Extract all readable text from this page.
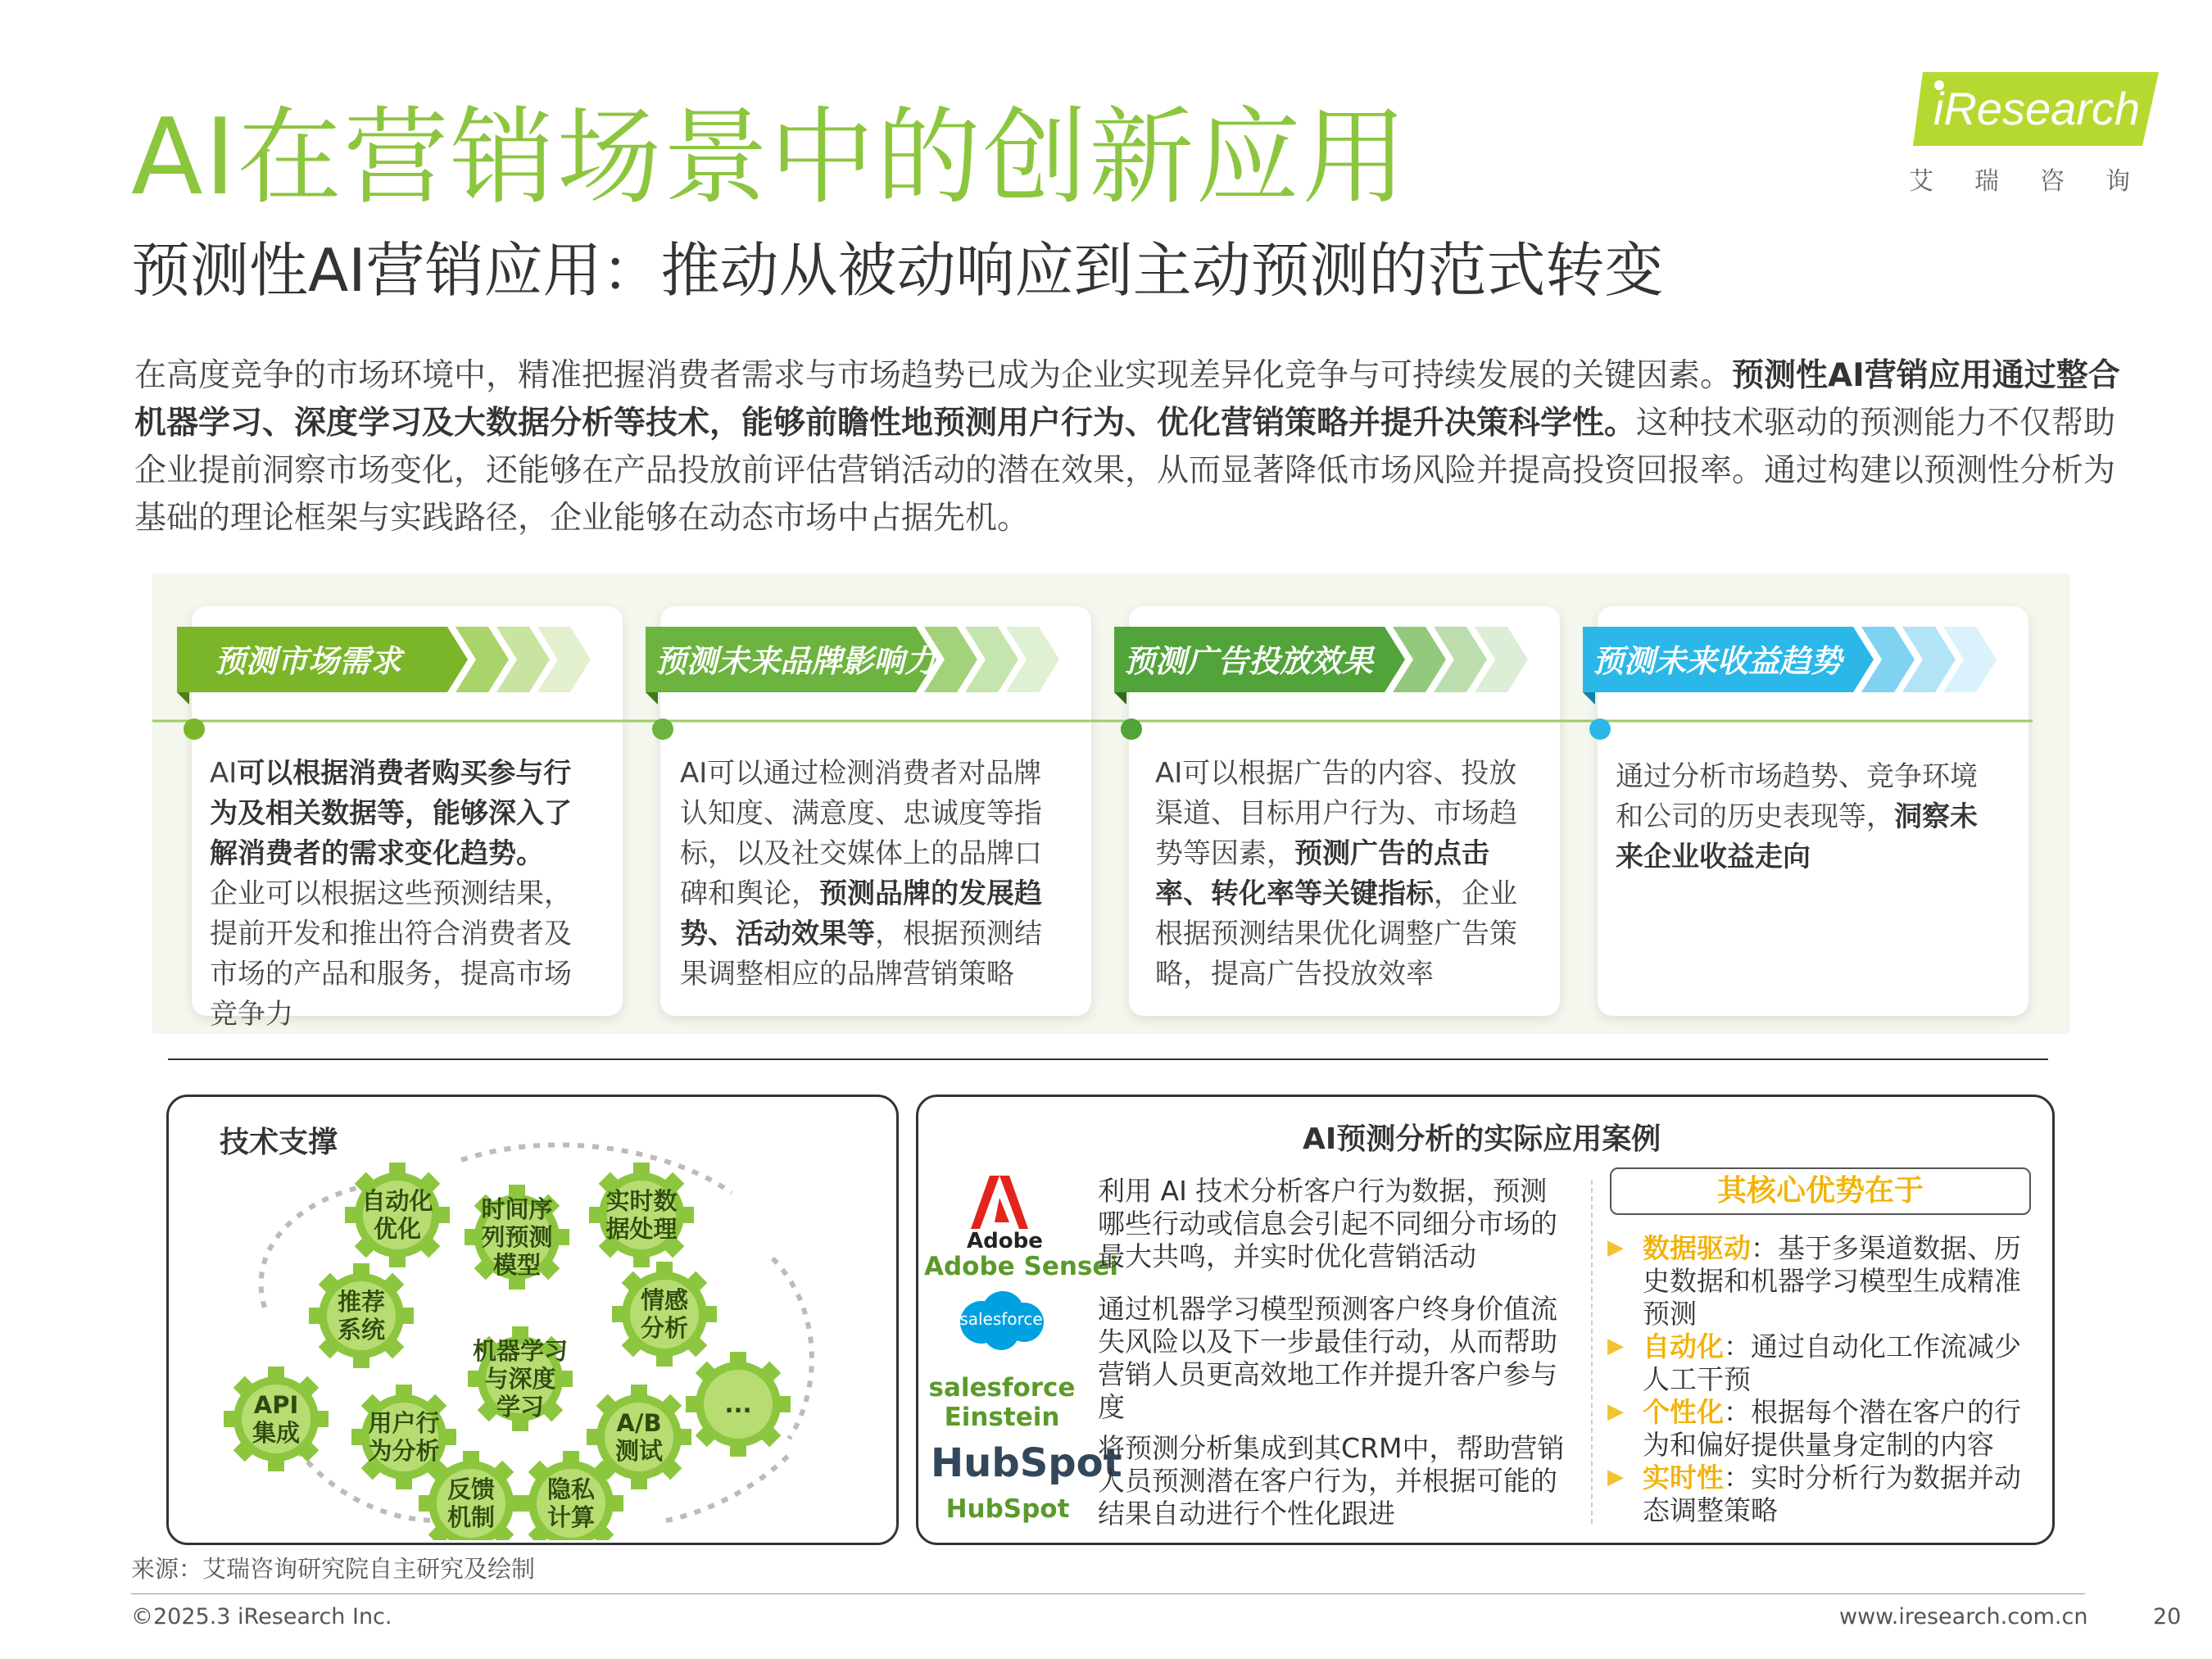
AI在营销场景中的创新应用
预测性AI营销应用：推动从被动响应到主动预测的范式转变
iResearch
艾瑞咨询
在高度竞争的市场环境中，精准把握消费者需求与市场趋势已成为企业实现差异化竞争与可持续发展的关键因素。预测性AI营销应用通过整合机器学习、深度学习及大数据分析等技术，能够前瞻性地预测用户行为、优化营销策略并提升决策科学性。这种技术驱动的预测能力不仅帮助企业提前洞察市场变化，还能够在产品投放前评估营销活动的潜在效果，从而显著降低市场风险并提高投资回报率。通过构建以预测性分析为基础的理论框架与实践路径，企业能够在动态市场中占据先机。
预测市场需求	预测未来品牌影响力	预测广告投放效果	预测未来收益趋势
AI可以根据消费者购买参与行为及相关数据等，能够深入了解消费者的需求变化趋势。
企业可以根据这些预测结果，提前开发和推出符合消费者及市场的产品和服务，提高市场竞争力
AI可以通过检测消费者对品牌认知度、满意度、忠诚度等指标，以及社交媒体上的品牌口碑和舆论，预测品牌的发展趋势、活动效果等，根据预测结果调整相应的品牌营销策略
AI可以根据广告的内容、投放渠道、目标用户行为、市场趋势等因素，预测广告的点击率、转化率等关键指标，企业根据预测结果优化调整广告策略，提高广告投放效率
通过分析市场趋势、竞争环境和公司的历史表现等，洞察未来企业收益走向
技术支撑
自动化
优化
时间序
列预测
模型
实时数
据处理
推荐
系统
情感
分析
机器学习
与深度
学习
API
集成	用户行
为分析
A/B
测试
...
反馈
机制
隐私
计算
AI预测分析的实际应用案例
Adobe
Adobe Sensei
salesforce
salesforce
Einstein
HubSpot
HubSpot
利用 AI 技术分析客户行为数据，预测哪些行动或信息会引起不同细分市场的最大共鸣，并实时优化营销活动
通过机器学习模型预测客户终身价值流失风险以及下一步最佳行动，从而帮助营销人员更高效地工作并提升客户参与度
将预测分析集成到其CRM中，帮助营销人员预测潜在客户行为，并根据可能的结果自动进行个性化跟进
其核心优势在于
▶ 数据驱动：基于多渠道数据、历史数据和机器学习模型生成精准预测
▶ 自动化：通过自动化工作流减少人工干预
▶ 个性化：根据每个潜在客户的行为和偏好提供量身定制的内容
▶ 实时性：实时分析行为数据并动态调整策略
来源：艾瑞咨询研究院自主研究及绘制
©2025.3 iResearch Inc.	www.iresearch.com.cn	20
